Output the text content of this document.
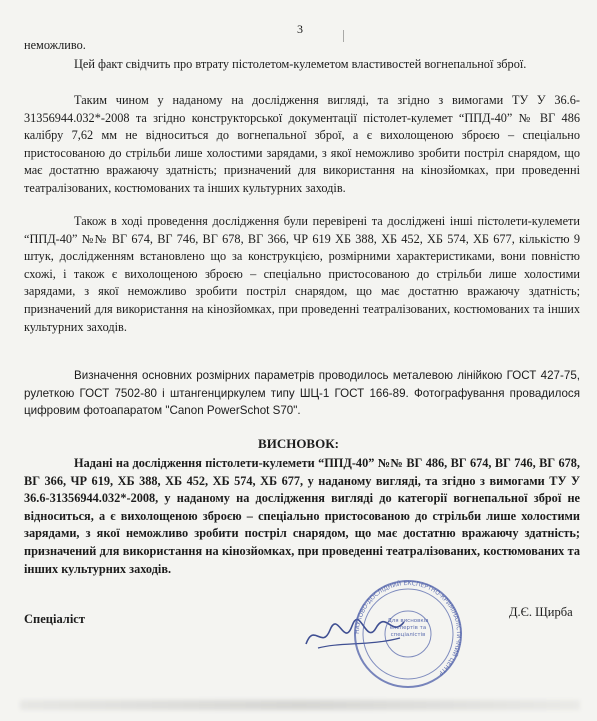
3
неможливо.
Цей факт свідчить про втрату пістолетом-кулеметом властивостей вогнепальної зброї.
Таким чином у наданому на дослідження вигляді, та згідно з вимогами ТУ У 36.6-31356944.032*-2008 та згідно конструкторської документації пістолет-кулемет “ППД-40” № ВГ 486 калібру 7,62 мм не відноситься до вогнепальної зброї, а є вихолощеною зброєю – спеціально пристосованою до стрільби лише холостими зарядами, з якої неможливо зробити постріл снарядом, що має достатню вражаючу здатність; призначений для використання на кінозйомках, при проведенні театралізованих, костюмованих та інших культурних заходів.
Також в ході проведення дослідження були перевірені та досліджені інші пістолети-кулемети “ППД-40” №№ ВГ 674, ВГ 746, ВГ 678, ВГ 366, ЧР 619 ХБ 388, ХБ 452, ХБ 574, ХБ 677, кількістю 9 штук, дослідженням встановлено що за конструкцією, розмірними характеристиками, вони повністю схожі, і також є вихолощеною зброєю – спеціально пристосованою до стрільби лише холостими зарядами, з якої неможливо зробити постріл снарядом, що має достатню вражаючу здатність; призначений для використання на кінозйомках, при проведенні театралізованих, костюмованих та інших культурних заходів.
Визначення основних розмірних параметрів проводилось металевою лінійкою ГОСТ 427-75, рулеткою ГОСТ 7502-80 і штангенциркулем типу ШЦ-1 ГОСТ 166-89. Фотографування провадилося цифровим фотоапаратом "Canon PowerSchot S70".
ВИСНОВОК:
Надані на дослідження пістолети-кулемети “ППД-40” №№ ВГ 486, ВГ 674, ВГ 746, ВГ 678, ВГ 366, ЧР 619, ХБ 388, ХБ 452, ХБ 574, ХБ 677, у наданому вигляді, та згідно з вимогами ТУ У 36.6-31356944.032*-2008, у наданому на дослідження вигляді до категорії вогнепальної зброї не відноситься, а є вихолощеною зброєю – спеціально пристосованою до стрільби лише холостими зарядами, з якої неможливо зробити постріл снарядом, що має достатню вражаючу здатність; призначений для використання на кінозйомках, при проведенні театралізованих, костюмованих та інших культурних заходів.
Спеціаліст	Д.Є. Щирба
НАУКОВО-ДОСЛІДНИЙ ЕКСПЕРТНО-КРИМІНАЛІСТИЧНИЙ ЦЕНТР
Для висновків експертів та спеціалістів
